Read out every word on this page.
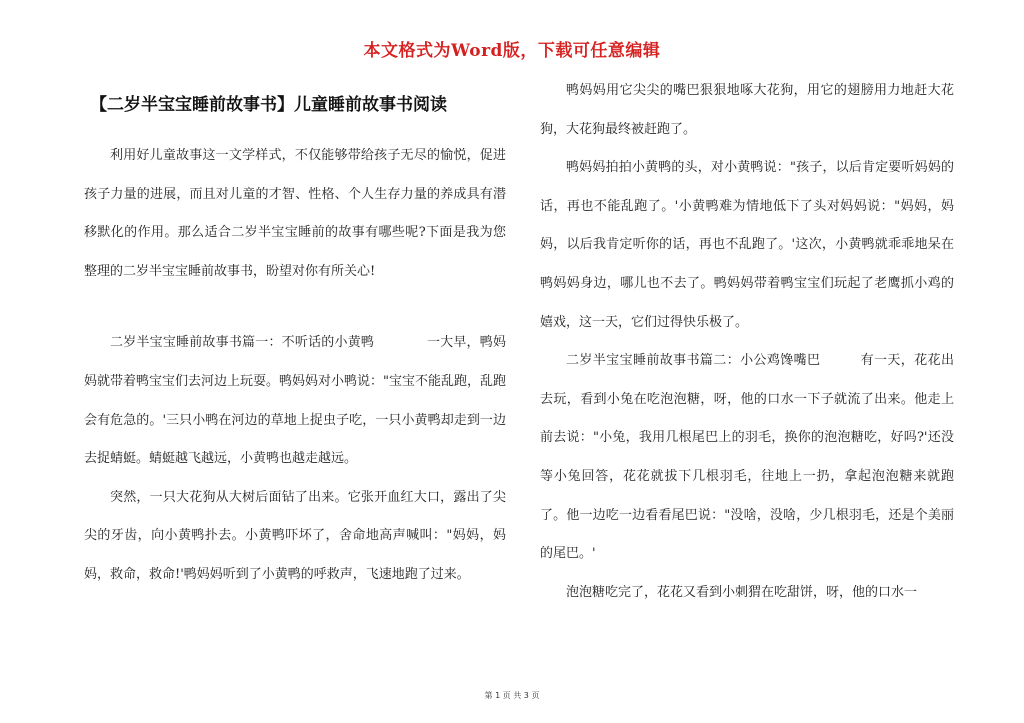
本文格式为Word版，下载可任意编辑
【二岁半宝宝睡前故事书】儿童睡前故事书阅读

利用好儿童故事这一文学样式，不仅能够带给孩子无尽的愉悦，促进孩子力量的进展，而且对儿童的才智、性格、个人生存力量的养成具有潜移默化的作用。那么适合二岁半宝宝睡前的故事有哪些呢?下面是我为您整理的二岁半宝宝睡前故事书，盼望对你有所关心!

二岁半宝宝睡前故事书篇一：不听话的小黄鸭　　　　	一大早，鸭妈妈就带着鸭宝宝们去河边上玩耍。鸭妈妈对小鸭说："宝宝不能乱跑，乱跑会有危急的。'三只小鸭在河边的草地上捉虫子吃，一只小黄鸭却走到一边去捉蜻蜓。蜻蜓越飞越远，小黄鸭也越走越远。

突然，一只大花狗从大树后面钻了出来。它张开血红大口，露出了尖尖的牙齿，向小黄鸭扑去。小黄鸭吓坏了，舍命地高声喊叫："妈妈，妈妈，救命，救命!'鸭妈妈听到了小黄鸭的呼救声，飞速地跑了过来。

鸭妈妈用它尖尖的嘴巴狠狠地啄大花狗，用它的翅膀用力地赶大花狗，大花狗最终被赶跑了。

鸭妈妈拍拍小黄鸭的头，对小黄鸭说："孩子，以后肯定要听妈妈的话，再也不能乱跑了。'小黄鸭难为情地低下了头对妈妈说："妈妈，妈妈，以后我肯定听你的话，再也不乱跑了。'这次，小黄鸭就乖乖地呆在鸭妈妈身边，哪儿也不去了。鸭妈妈带着鸭宝宝们玩起了老鹰抓小鸡的嬉戏，这一天，它们过得快乐极了。

二岁半宝宝睡前故事书篇二：小公鸡馋嘴巴　　　	有一天，花花出去玩，看到小兔在吃泡泡糖，呀，他的口水一下子就流了出来。他走上前去说："小兔，我用几根尾巴上的羽毛，换你的泡泡糖吃，好吗?'还没等小兔回答，花花就拔下几根羽毛，往地上一扔，拿起泡泡糖来就跑了。他一边吃一边看看尾巴说："没啥，没啥，少几根羽毛，还是个美丽的尾巴。'

泡泡糖吃完了，花花又看到小刺猬在吃甜饼，呀，他的口水一

第 1 页 共 3 页
